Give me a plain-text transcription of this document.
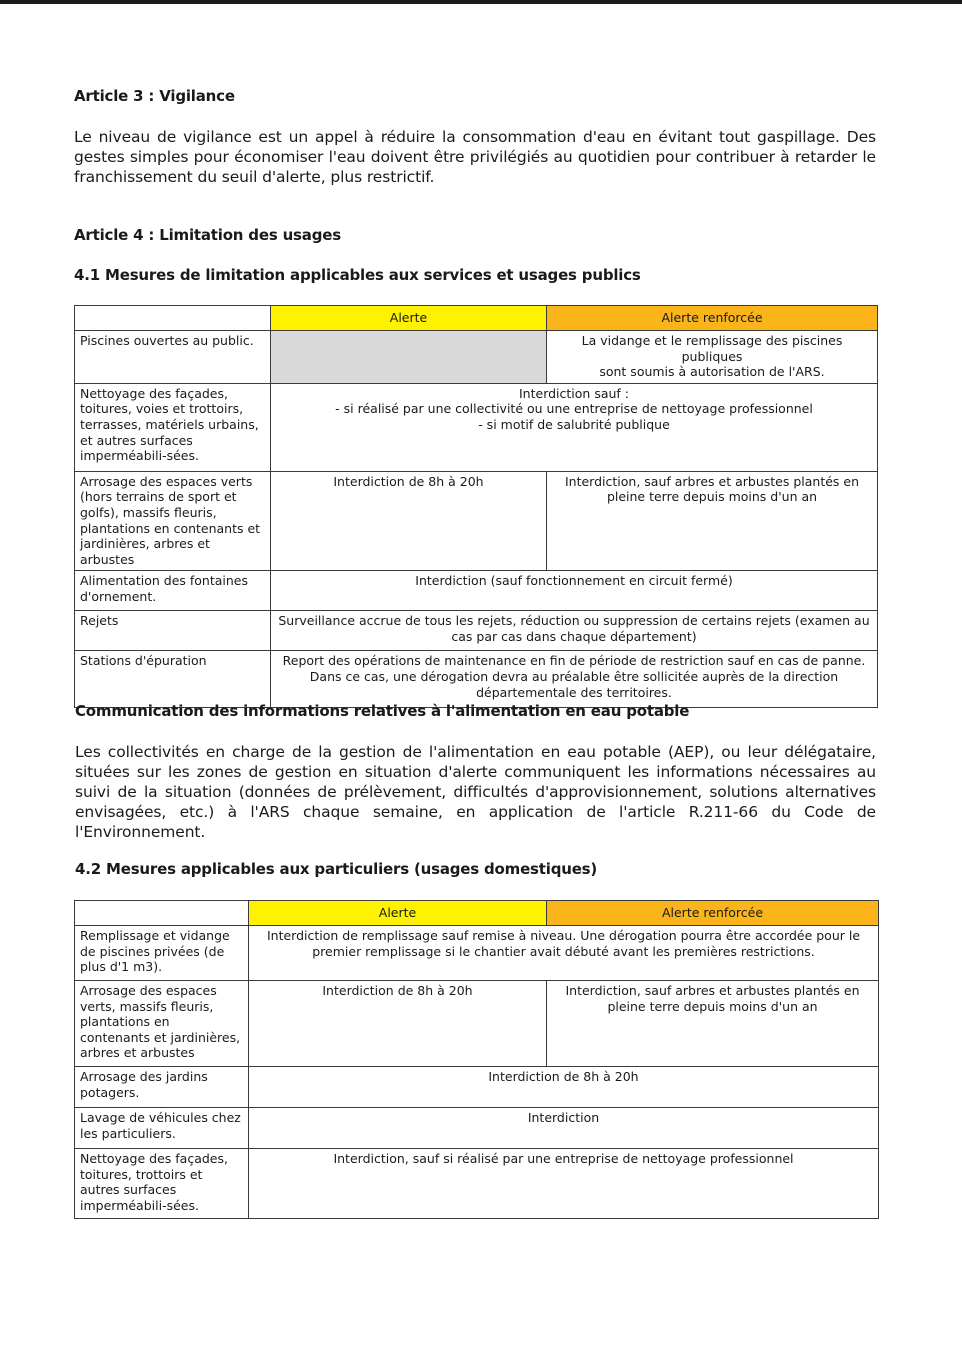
Article 3 : Vigilance
Le niveau de vigilance est un appel à réduire la consommation d'eau en évitant tout gaspillage. Des gestes simples pour économiser l'eau doivent être privilégiés au quotidien pour contribuer à retarder le franchissement du seuil d'alerte, plus restrictif.
Article 4 : Limitation des usages
4.1 Mesures de limitation applicables aux services et usages publics
	Alerte	Alerte renforcée
Piscines ouvertes au public.		La vidange et le remplissage des piscines publiques
sont soumis à autorisation de l'ARS.

Nettoyage des façades, toitures, voies et trottoirs, terrasses, matériels urbains, et autres surfaces imperméabili-sées.	Interdiction sauf :
- si réalisé par une collectivité ou une entreprise de nettoyage professionnel
- si motif de salubrité publique	

Arrosage des espaces verts (hors terrains de sport et golfs), massifs fleuris, plantations en contenants et jardinières, arbres et arbustes	Interdiction de 8h à 20h	Interdiction, sauf arbres et arbustes plantés en
pleine terre depuis moins d'un an

Alimentation des fontaines d'ornement.	Interdiction (sauf fonctionnement en circuit fermé)	
Rejets	Surveillance accrue de tous les rejets, réduction ou suppression de certains rejets (examen au
cas par cas dans chaque département)	

Stations d'épuration	Report des opérations de maintenance en fin de période de restriction sauf en cas de panne.
Dans ce cas, une dérogation devra au préalable être sollicitée auprès de la direction
départementale des territoires.	
Communication des informations relatives à l'alimentation en eau potable
Les collectivités en charge de la gestion de l'alimentation en eau potable (AEP), ou leur délégataire, situées sur les zones de gestion en situation d'alerte communiquent les informations nécessaires au suivi de la situation (données de prélèvement, difficultés d'approvisionnement, solutions alternatives envisagées, etc.) à l'ARS chaque semaine, en application de l'article R.211-66 du Code de l'Environnement.
4.2 Mesures applicables aux particuliers (usages domestiques)
	Alerte	Alerte renforcée
Remplissage et vidange de piscines privées (de plus d'1 m3).	Interdiction de remplissage sauf remise à niveau. Une dérogation pourra être accordée pour le
premier remplissage si le chantier avait débuté avant les premières restrictions.	

Arrosage des espaces verts, massifs fleuris, plantations en contenants et jardinières, arbres et arbustes	Interdiction de 8h à 20h	Interdiction, sauf arbres et arbustes plantés en
pleine terre depuis moins d'un an

Arrosage des jardins potagers.	Interdiction de 8h à 20h	
Lavage de véhicules chez les particuliers.	Interdiction	
Nettoyage des façades, toitures, trottoirs et autres surfaces imperméabili-sées.	Interdiction, sauf si réalisé par une entreprise de nettoyage professionnel	
